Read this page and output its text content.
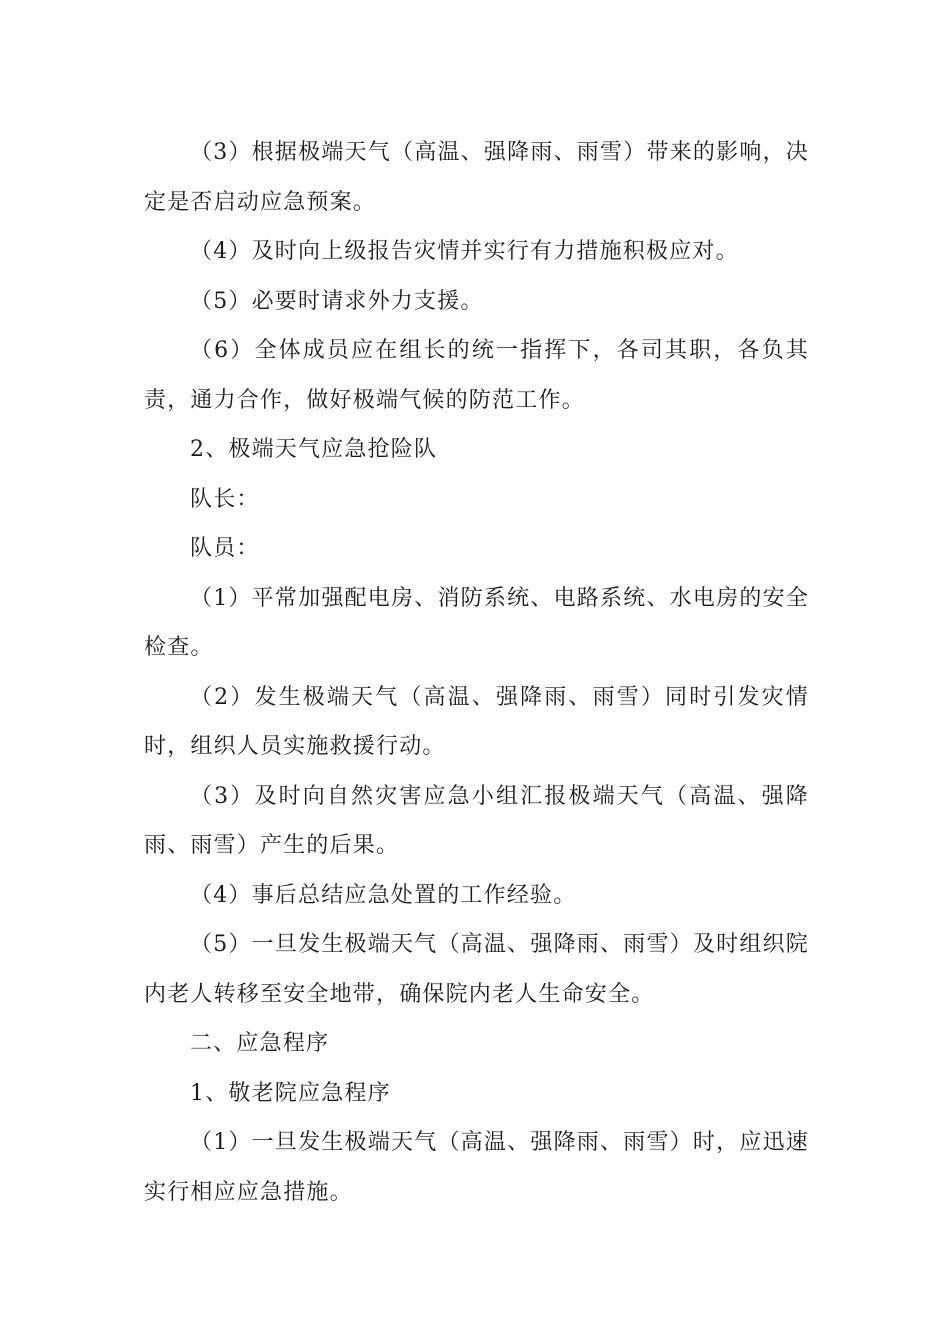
（3）根据极端天气（高温、强降雨、雨雪）带来的影响，决定是否启动应急预案。

（4）及时向上级报告灾情并实行有力措施积极应对。

（5）必要时请求外力支援。

（6）全体成员应在组长的统一指挥下，各司其职，各负其责，通力合作，做好极端气候的防范工作。

2、极端天气应急抢险队

队长：

队员：

（1）平常加强配电房、消防系统、电路系统、水电房的安全检查。

（2）发生极端天气（高温、强降雨、雨雪）同时引发灾情时，组织人员实施救援行动。

（3）及时向自然灾害应急小组汇报极端天气（高温、强降雨、雨雪）产生的后果。

（4）事后总结应急处置的工作经验。

（5）一旦发生极端天气（高温、强降雨、雨雪）及时组织院内老人转移至安全地带，确保院内老人生命安全。

二、应急程序

1、敬老院应急程序

（1）一旦发生极端天气（高温、强降雨、雨雪）时，应迅速实行相应应急措施。
